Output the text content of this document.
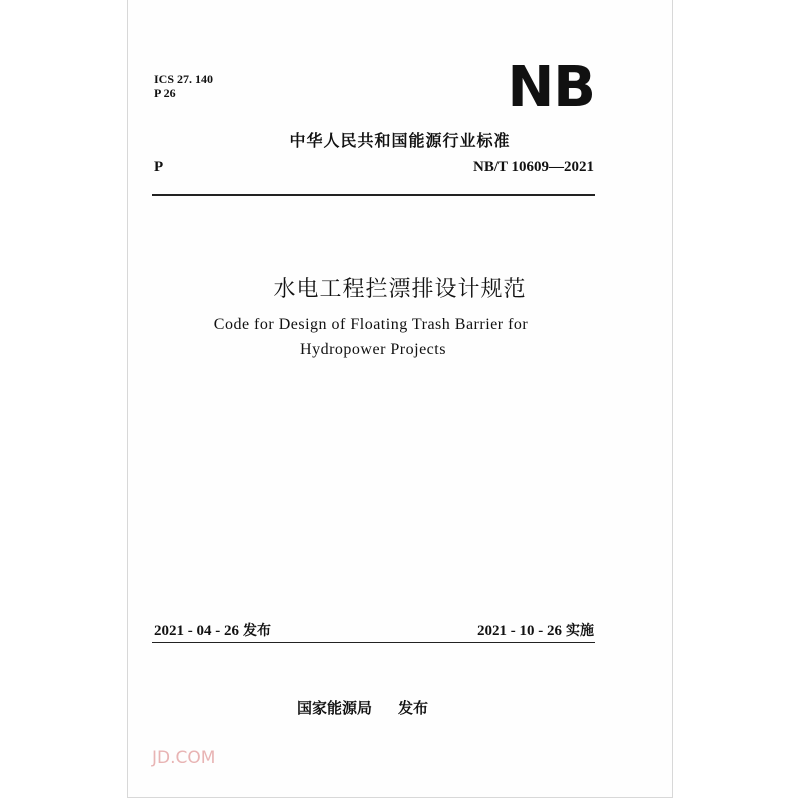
ICS 27. 140
P 26	NB
中华人民共和国能源行业标准
P	NB/T 10609—2021
水电工程拦漂排设计规范
Code for Design of Floating Trash Barrier for
Hydropower Projects
2021 - 04 - 26 发布	2021 - 10 - 26 实施
国家能源局 发布
JD.COM
